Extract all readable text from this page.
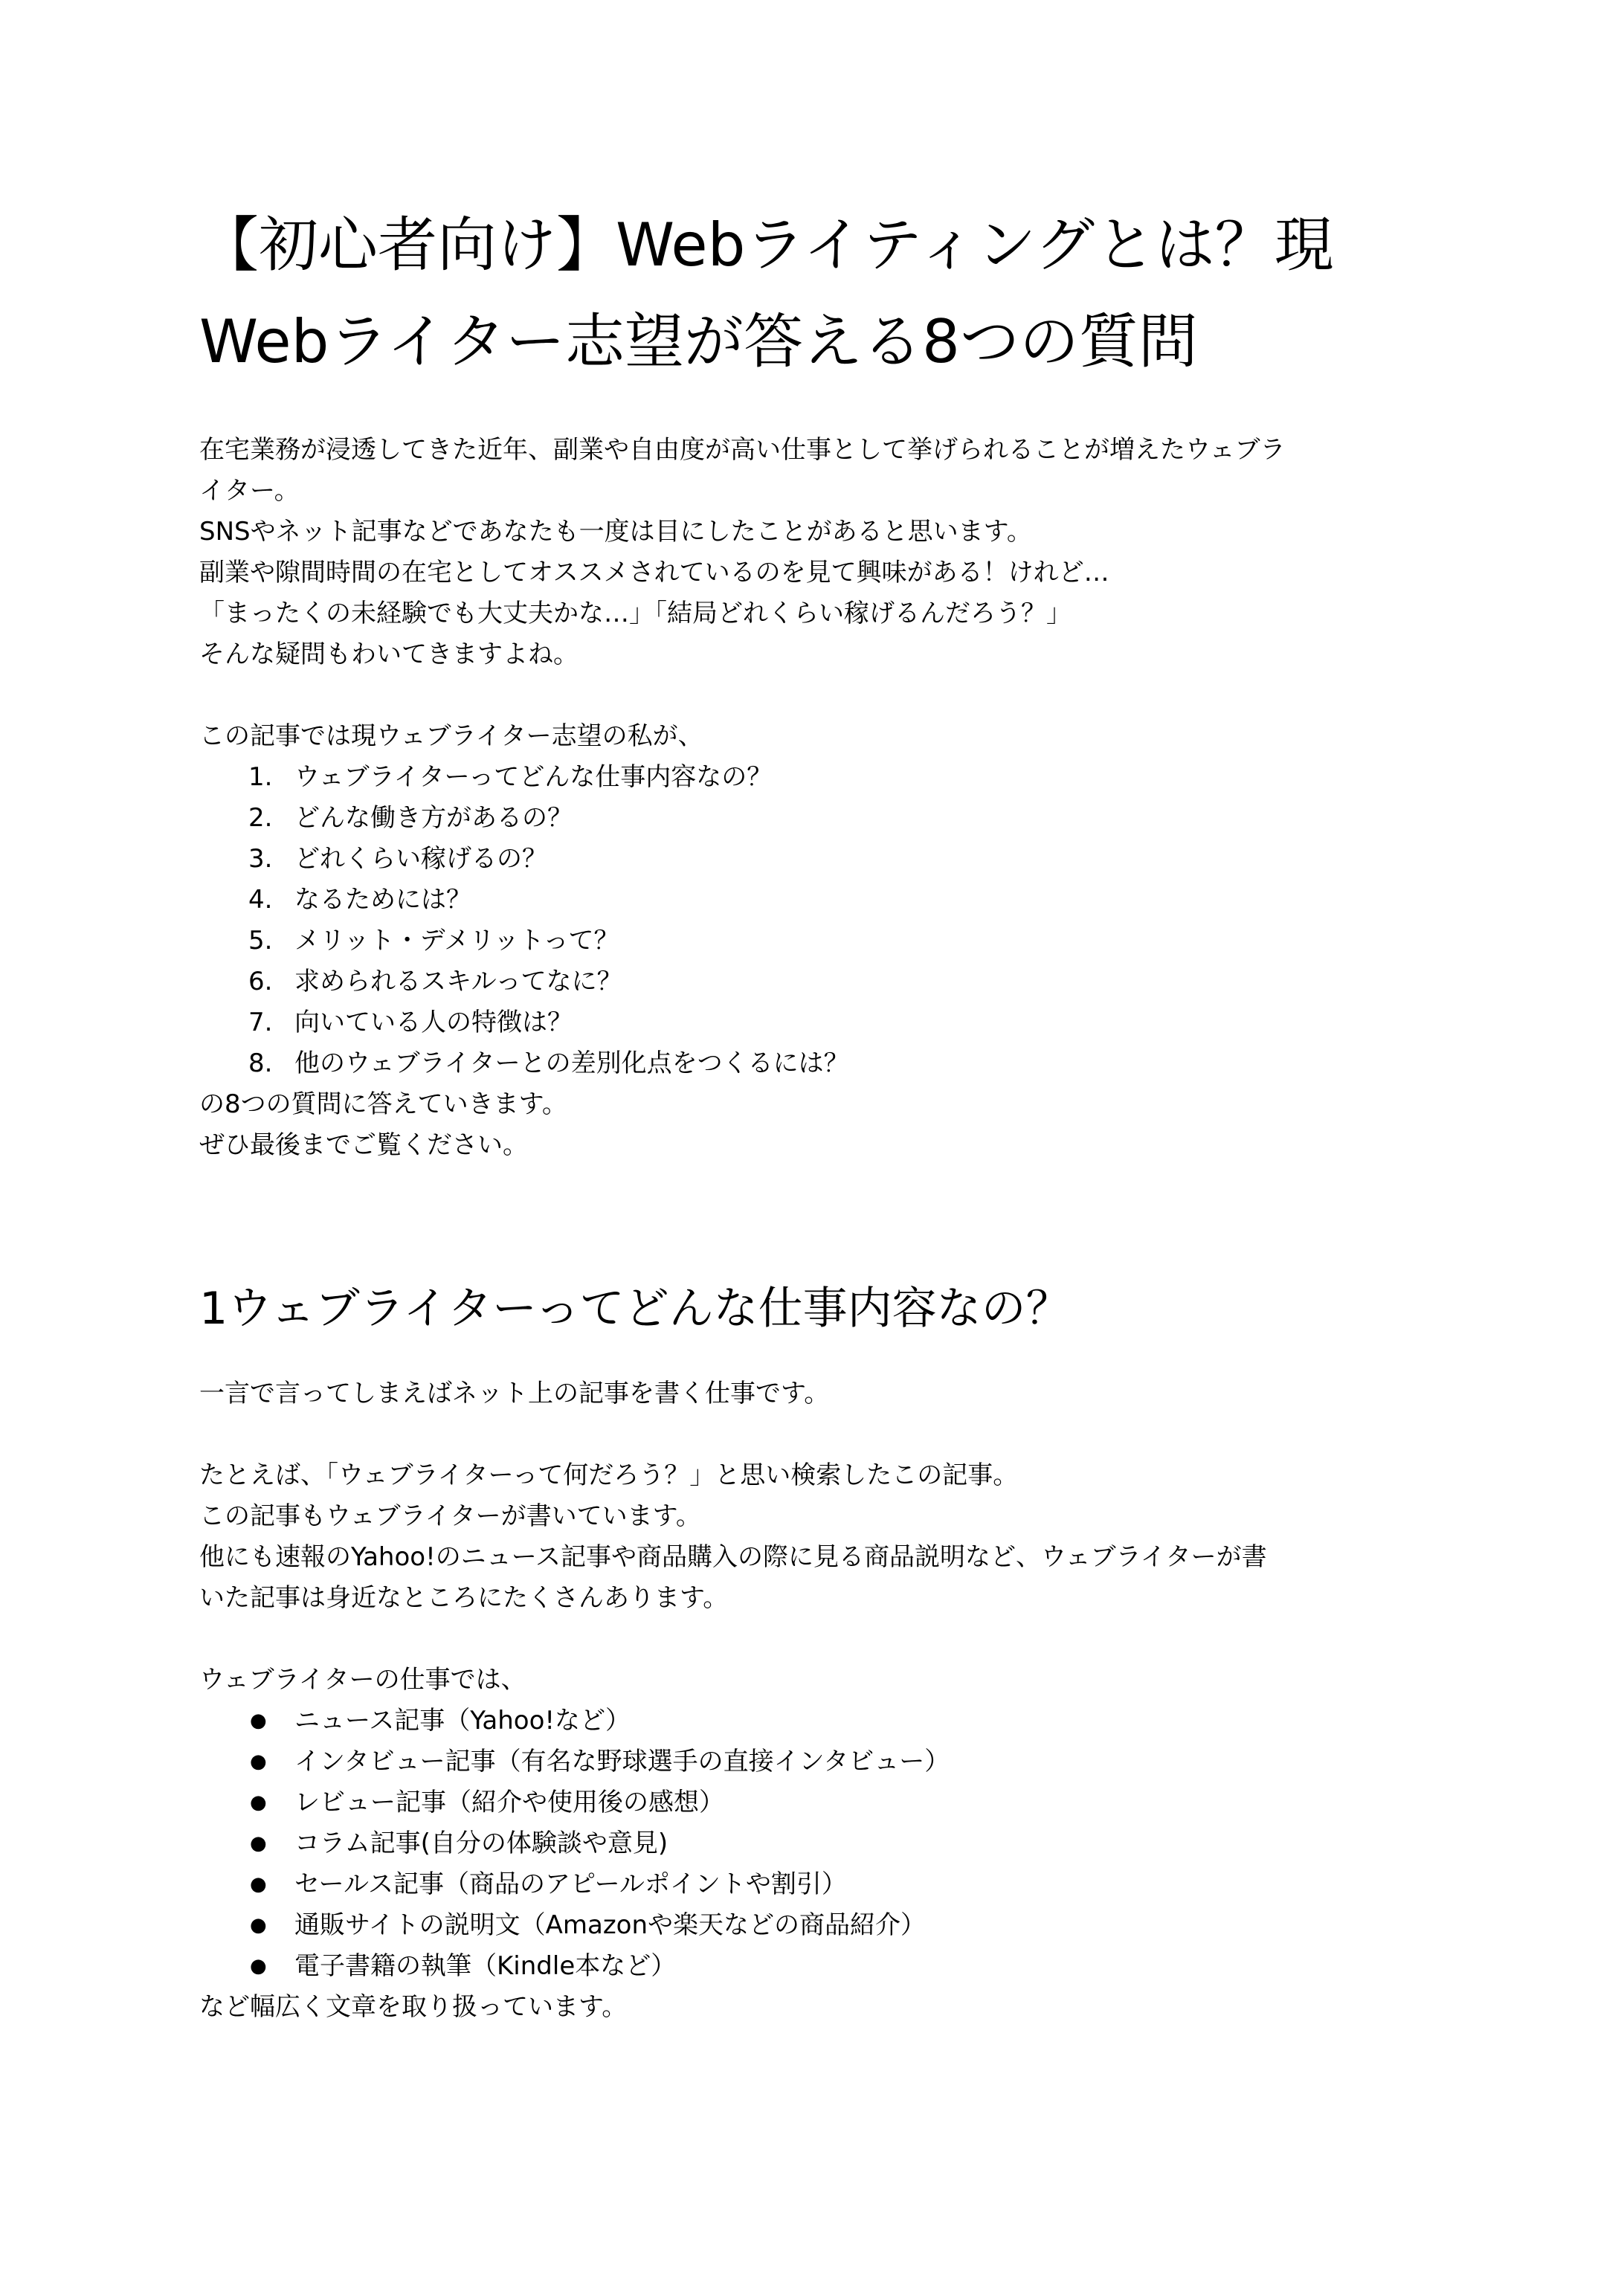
【初心者向け】Webライティングとは？現
Webライター志望が答える8つの質問
在宅業務が浸透してきた近年、副業や自由度が高い仕事として挙げられることが増えたウェブラ
イター。
SNSやネット記事などであなたも一度は目にしたことがあると思います。
副業や隙間時間の在宅としてオススメされているのを見て興味がある！けれど…
「まったくの未経験でも大丈夫かな…」「結局どれくらい稼げるんだろう？」
そんな疑問もわいてきますよね。
この記事では現ウェブライター志望の私が、
1. ウェブライターってどんな仕事内容なの？
2. どんな働き方があるの？
3. どれくらい稼げるの？
4. なるためには？
5. メリット・デメリットって？
6. 求められるスキルってなに？
7. 向いている人の特徴は？
8. 他のウェブライターとの差別化点をつくるには？
の8つの質問に答えていきます。
ぜひ最後までご覧ください。
1ウェブライターってどんな仕事内容なの？
一言で言ってしまえばネット上の記事を書く仕事です。
たとえば、「ウェブライターって何だろう？」と思い検索したこの記事。
この記事もウェブライターが書いています。
他にも速報のYahoo!のニュース記事や商品購入の際に見る商品説明など、ウェブライターが書
いた記事は身近なところにたくさんあります。
ウェブライターの仕事では、
● ニュース記事（Yahoo!など）
● インタビュー記事（有名な野球選手の直接インタビュー）
● レビュー記事（紹介や使用後の感想）
● コラム記事(自分の体験談や意見)
● セールス記事（商品のアピールポイントや割引）
● 通販サイトの説明文（Amazonや楽天などの商品紹介）
● 電子書籍の執筆（Kindle本など）
など幅広く文章を取り扱っています。
